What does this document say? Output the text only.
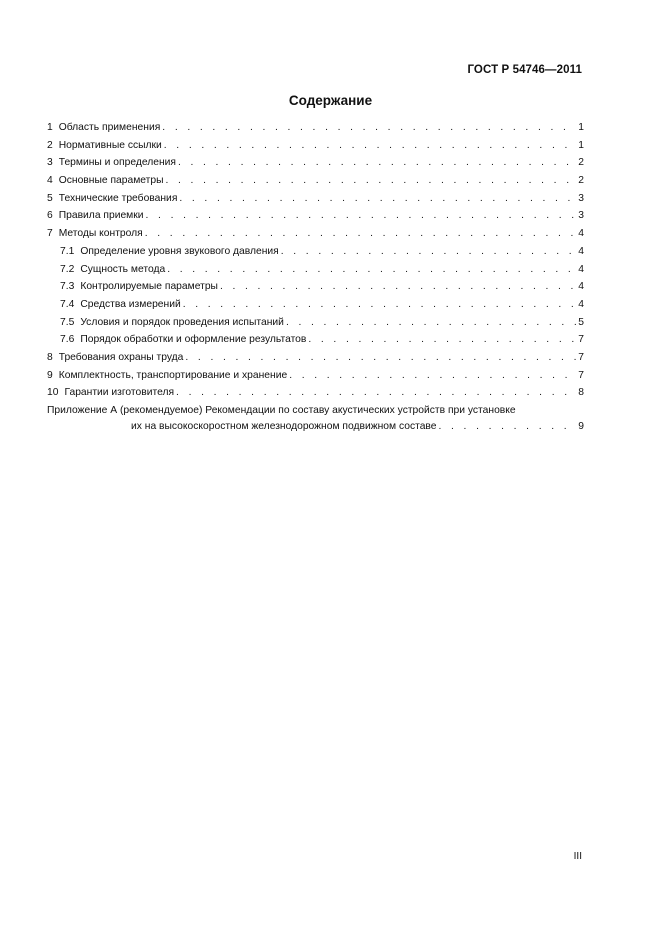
ГОСТ Р 54746—2011
Содержание
1 Область применения . . .	1
2 Нормативные ссылки . . .	1
3 Термины и определения . . .	2
4 Основные параметры . . .	2
5 Технические требования . . .	3
6 Правила приемки . . .	3
7 Методы контроля . . .	4
7.1 Определение уровня звукового давления . . .	4
7.2 Сущность метода . . .	4
7.3 Контролируемые параметры . . .	4
7.4 Средства измерений . . .	4
7.5 Условия и порядок проведения испытаний . . .	5
7.6 Порядок обработки и оформление результатов . . .	7
8 Требования охраны труда . . .	7
9 Комплектность, транспортирование и хранение . . .	7
10 Гарантии изготовителя . . .	8
Приложение А (рекомендуемое) Рекомендации по составу акустических устройств при установке
их на высокоскоростном железнодорожном подвижном составе . . .	9
III
